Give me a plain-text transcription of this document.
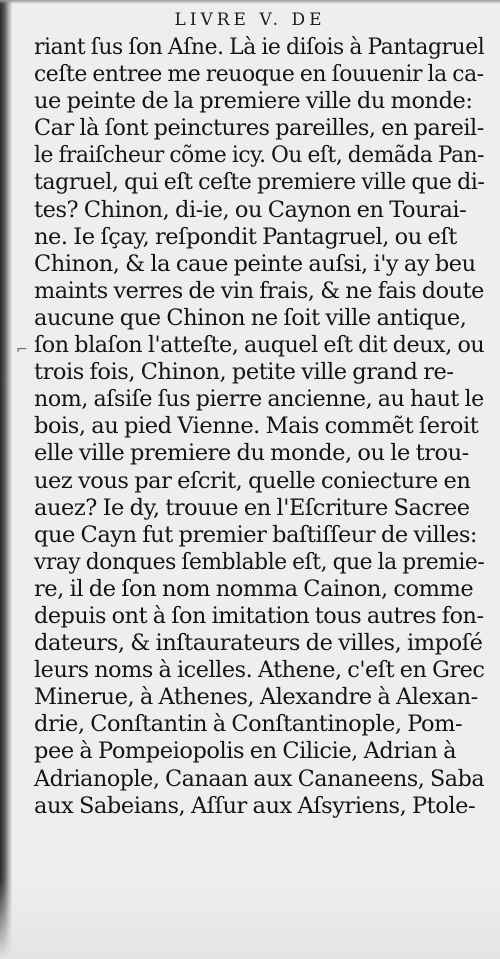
LIVRE V. DE
⌐
riant ſus ſon Aſne. Là ie diſois à Pantagruel
ceſte entree me reuoque en ſouuenir la ca-
ue peinte de la premiere ville du monde:
Car là ſont peinctures pareilles, en pareil-
le fraiſcheur cõme icy. Ou eſt, demãda Pan-
tagruel, qui eſt ceſte premiere ville que di-
tes? Chinon, di-ie, ou Caynon en Tourai-
ne. Ie ſçay, reſpondit Pantagruel, ou eſt
Chinon, & la caue peinte auſsi, i'y ay beu
maints verres de vin frais, & ne fais doute
aucune que Chinon ne ſoit ville antique,
ſon blaſon l'atteſte, auquel eſt dit deux, ou
trois fois, Chinon, petite ville grand re-
nom, aſsiſe ſus pierre ancienne, au haut le
bois, au pied Vienne. Mais commẽt ſeroit
elle ville premiere du monde, ou le trou-
uez vous par eſcrit, quelle coniecture en
auez? Ie dy, trouue en l'Eſcriture Sacree
que Cayn fut premier baſtiſſeur de villes:
vray donques ſemblable eſt, que la premie-
re, il de ſon nom nomma Cainon, comme
depuis ont à ſon imitation tous autres fon-
dateurs, & inſtaurateurs de villes, impoſé
leurs noms à icelles. Athene, c'eſt en Grec
Minerue, à Athenes, Alexandre à Alexan-
drie, Conſtantin à Conſtantinople, Pom-
pee à Pompeiopolis en Cilicie, Adrian à
Adrianople, Canaan aux Cananeens, Saba
aux Sabeians, Aſſur aux Aſsyriens, Ptole-
